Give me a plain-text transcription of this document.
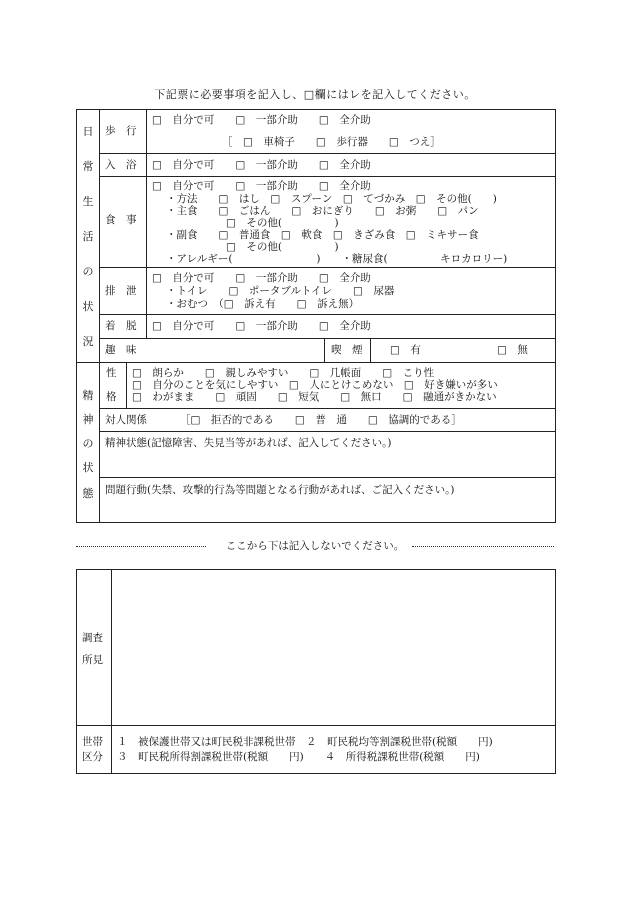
下記票に必要事項を記入し、□欄にはレを記入してください。
日
常
生
活
の
状
況
精
神
の
状
態
歩　行
□　自分で可　　□　一部介助　　□　全介助
［　□　車椅子　　□　歩行器　　□　つえ］
入　浴 □　自分で可　　□　一部介助　　□　全介助
食　事
□　自分で可　　□　一部介助　　□　全介助
・方法　　□　はし　□　スプーン　□　てづかみ　□　その他(　　)
・主食　　□　ごはん　　□　おにぎり　　□　お粥　　□　パン
□　その他(　　　　　)
・副食　　□　普通食　□　軟食　□　きざみ食　□　ミキサー食
□　その他(　　　　　)
・アレルギー(　　　　　　　　)　　・糖尿食(　　　　　キロカロリー)
排　泄
□　自分で可　　□　一部介助　　□　全介助
・トイレ　　□　ポータブルトイレ　　□　尿器
・おむつ　（□　訴え有　　□　訴え無）
着　脱 □　自分で可　　□　一部介助　　□　全介助
趣　味	喫　煙	□　有	□　無
性
格
□　朗らか　　□　親しみやすい　　□　几帳面　　□　こり性
□　自分のことを気にしやすい　□　人にとけこめない　□　好き嫌いが多い
□　わがまま　　□　頑固　　□　短気　　□　無口　　□　融通がきかない
対人関係	［□　拒否的である　　□　普　通　　□　協調的である］
精神状態(記憶障害、失見当等があれば、記入してください。)
問題行動(失禁、攻撃的行為等問題となる行動があれば、ご記入ください。)
ここから下は記入しないでください。
調査
所見
世帯
区分
１　被保護世帯又は町民税非課税世帯　２　町民税均等割課税世帯(税額　　円)
３　町民税所得割課税世帯(税額　　円)　　４　所得税課税世帯(税額　　円)
